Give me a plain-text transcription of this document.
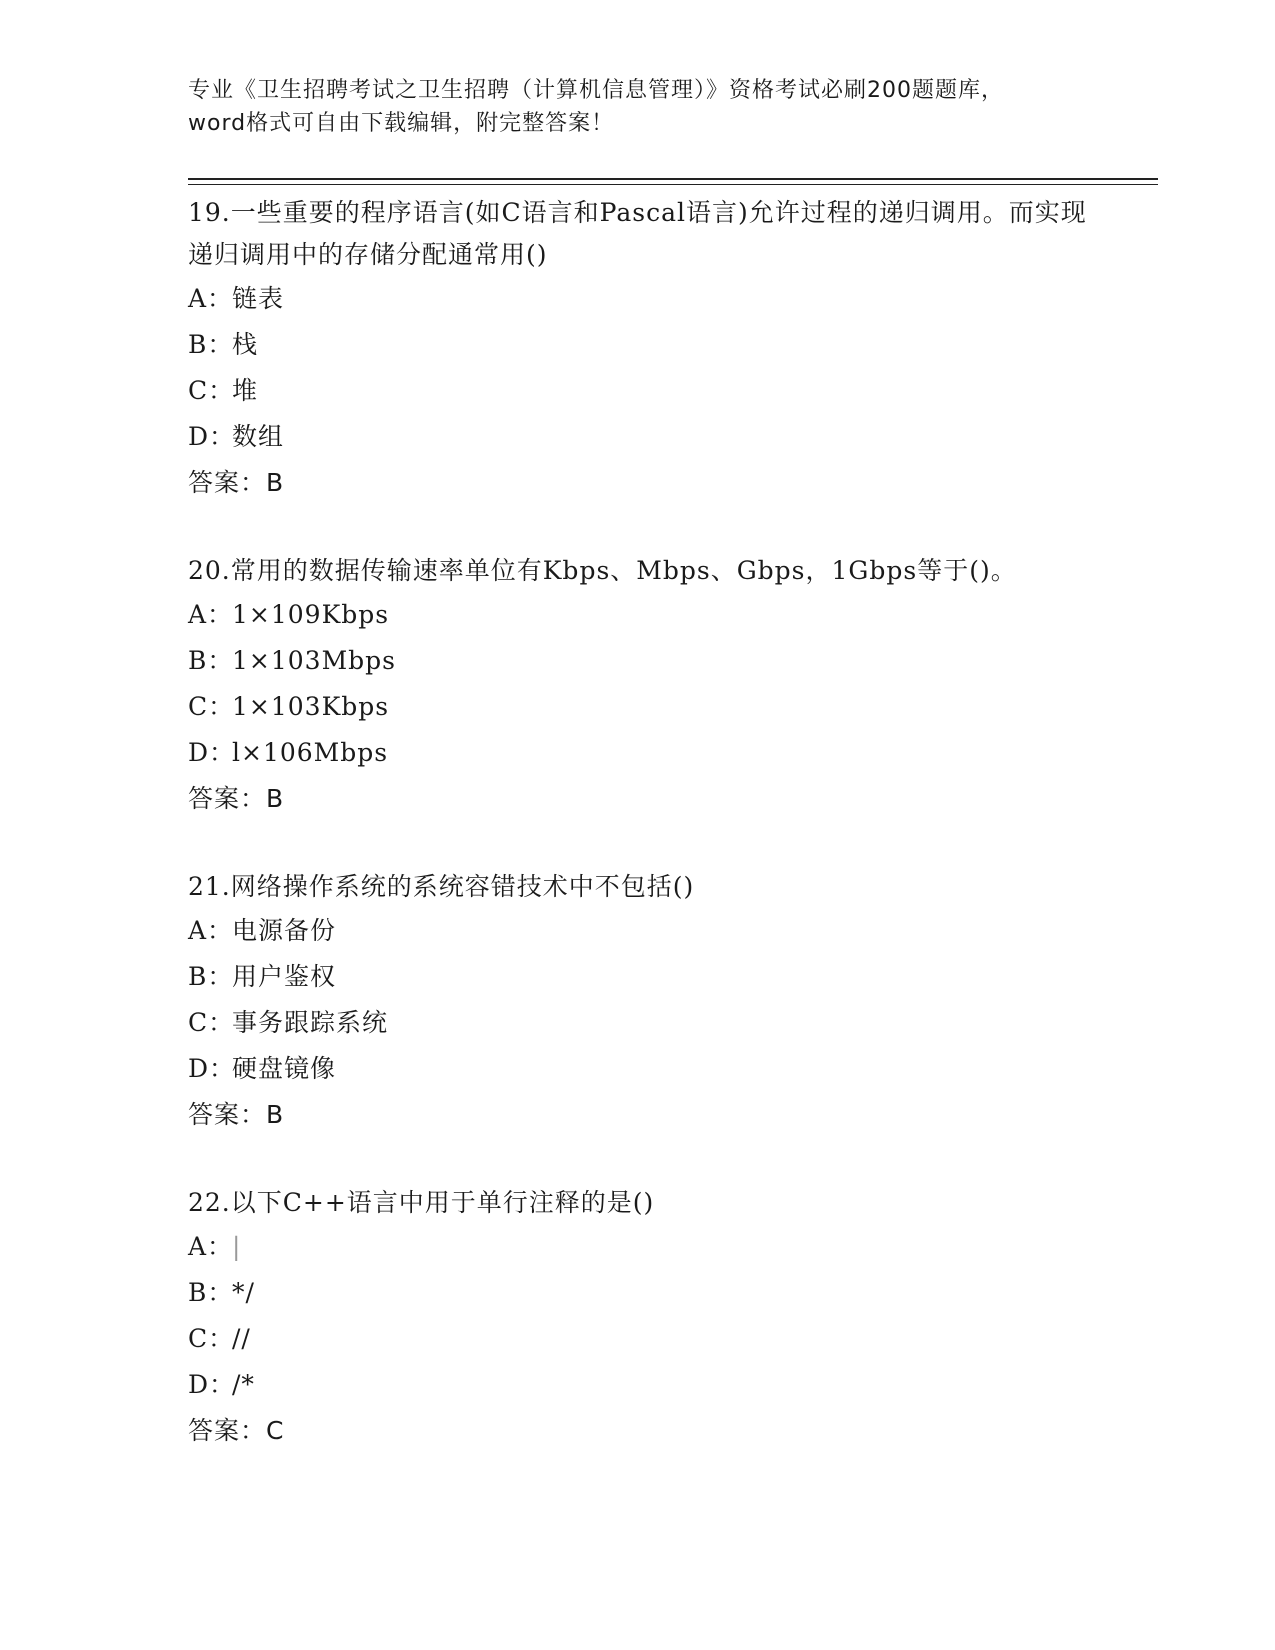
专业《卫生招聘考试之卫生招聘（计算机信息管理）》资格考试必刷200题题库，
word格式可自由下载编辑，附完整答案！
19.一些重要的程序语言(如C语言和Pascal语言)允许过程的递归调用。而实现递归调用中的存储分配通常用()
A：链表
B：栈
C：堆
D：数组
答案：B
20.常用的数据传输速率单位有Kbps、Mbps、Gbps，1Gbps等于()。
A：1×109Kbps
B：1×103Mbps
C：1×103Kbps
D：l×106Mbps
答案：B
21.网络操作系统的系统容错技术中不包括()
A：电源备份
B：用户鉴权
C：事务跟踪系统
D：硬盘镜像
答案：B
22.以下C++语言中用于单行注释的是()
A：|
B：*/
C：//
D：/*
答案：C
